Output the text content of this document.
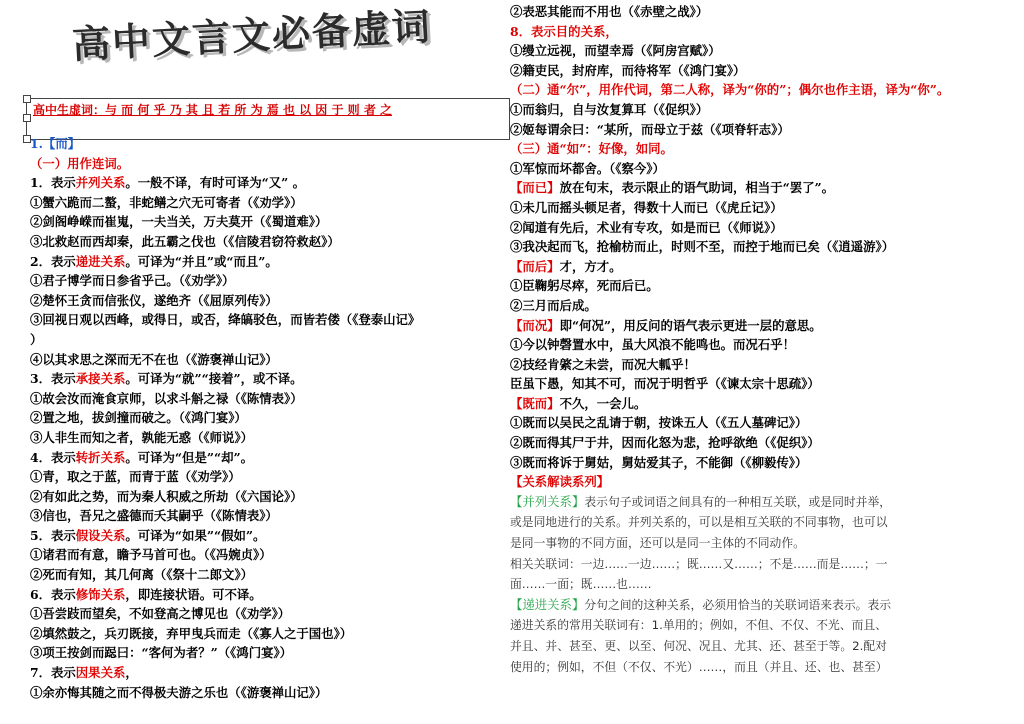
高中文言文必备虚词
高中生虚词：与 而 何 乎 乃 其 且 若 所 为 焉 也 以 因 于 则 者 之
1.【而】
（一）用作连词。
1．表示并列关系。一般不译，有时可译为“又” 。
①蟹六跪而二螯，非蛇鳝之穴无可寄者（《劝学》）
②剑阁峥嵘而崔嵬，一夫当关，万夫莫开（《蜀道难》）
③北救赵而西却秦，此五霸之伐也（《信陵君窃符救赵》）
2．表示递进关系。可译为“并且”或“而且”。
①君子博学而日参省乎己。（《劝学》）
②楚怀王贪而信张仪，遂绝齐（《屈原列传》）
③回视日观以西峰，或得日，或否，绛皜驳色，而皆若偻（《登泰山记》
）
④以其求思之深而无不在也（《游褒禅山记》）
3．表示承接关系。可译为“就”“接着”，或不译。
①故会汝而淹食京师，以求斗斛之禄（《陈情表》）
②置之地，拔剑撞而破之。（《鸿门宴》）
③人非生而知之者，孰能无惑（《师说》）
4．表示转折关系。可译为“但是”“却”。
①青，取之于蓝，而青于蓝（《劝学》）
②有如此之势，而为秦人积威之所劫（《六国论》）
③信也，吾兄之盛德而夭其嗣乎（《陈情表》）
5．表示假设关系。可译为“如果”“假如”。
①诸君而有意，瞻予马首可也。（《冯婉贞》）
②死而有知，其几何离（《祭十二郎文》）
6．表示修饰关系，即连接状语。可不译。
①吾尝跂而望矣，不如登高之博见也（《劝学》）
②填然鼓之，兵刃既接，弃甲曳兵而走（《寡人之于国也》）
③项王按剑而跽曰：“客何为者？”（《鸿门宴》）
7．表示因果关系，
①余亦悔其随之而不得极夫游之乐也（《游褒禅山记》）
②表恶其能而不用也（《赤壁之战》）
8．表示目的关系，
①缦立远视，而望幸焉（《阿房宫赋》）
②籍吏民，封府库，而待将军（《鸿门宴》）
（二）通“尔”，用作代词，第二人称，译为“你的”；偶尔也作主语，译为“你”。
①而翁归，自与汝复算耳（《促织》）
②姬每谓余曰：“某所，而母立于兹（《项脊轩志》）
（三）通“如”：好像，如同。
①军惊而坏都舍。（《察今》）
【而已】放在句末，表示限止的语气助词，相当于“罢了”。
①未几而摇头顿足者，得数十人而已（《虎丘记》）
②闻道有先后，术业有专攻，如是而已（《师说》）
③我决起而飞，抢榆枋而止，时则不至，而控于地而已矣（《逍遥游》）
【而后】才，方才。
①臣鞠躬尽瘁，死而后已。
②三月而后成。
【而况】即“何况”，用反问的语气表示更进一层的意思。
①今以钟磬置水中，虽大风浪不能鸣也。而况石乎！
②技经肯綮之未尝，而况大軱乎！
臣虽下愚，知其不可，而况于明哲乎（《谏太宗十思疏》）
【既而】不久，一会儿。
①既而以吴民之乱请于朝，按诛五人（《五人墓碑记》）
②既而得其尸于井，因而化怒为悲，抢呼欲绝（《促织》）
③既而将诉于舅姑，舅姑爱其子，不能御（《柳毅传》）
【关系解读系列】
【并列关系】表示句子或词语之间具有的一种相互关联，或是同时并举，
或是同地进行的关系。并列关系的，可以是相互关联的不同事物，也可以
是同一事物的不同方面，还可以是同一主体的不同动作。
相关关联词：一边……一边……；既……又……；不是……而是……；一
面……一面；既……也……
【递进关系】分句之间的这种关系，必须用恰当的关联词语来表示。表示
递进关系的常用关联词有：1.单用的；例如，不但、不仅、不光、而且、
并且、并、甚至、更、以至、何况、况且、尤其、还、甚至于等。2.配对
使用的；例如，不但（不仅、不光）……，而且（并且、还、也、甚至）
